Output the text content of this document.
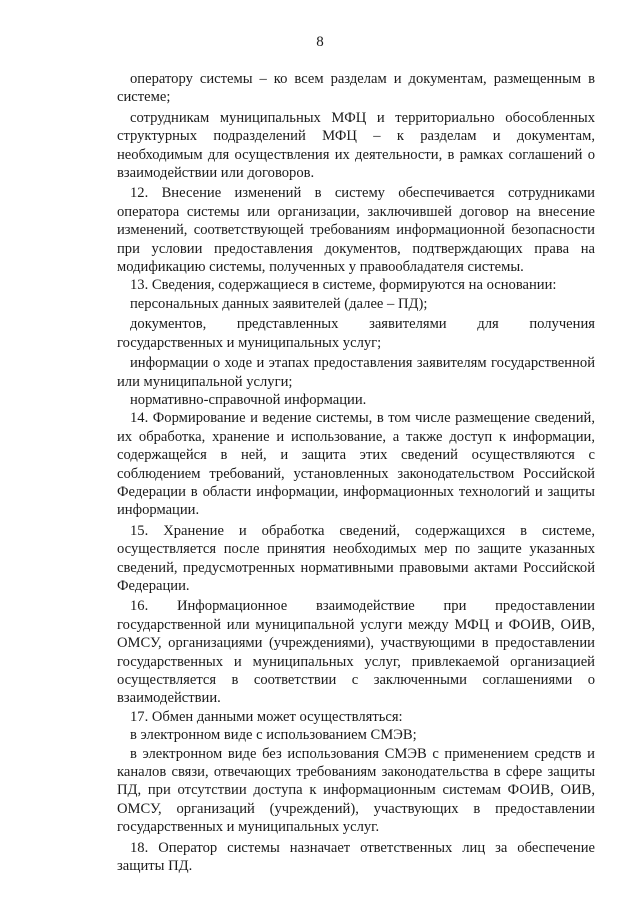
8

оператору системы – ко всем разделам и документам, размещенным в системе;

сотрудникам муниципальных МФЦ и территориально обособленных структурных подразделений МФЦ – к разделам и документам, необходимым для осуществления их деятельности, в рамках соглашений о взаимодействии или договоров.

12. Внесение изменений в систему обеспечивается сотрудниками оператора системы или организации, заключившей договор на внесение изменений, соответствующей требованиям информационной безопасности при условии предоставления документов, подтверждающих права на модификацию системы, полученных у правообладателя системы.

13. Сведения, содержащиеся в системе, формируются на основании:

персональных данных заявителей (далее – ПД);

документов, представленных заявителями для получения государственных и муниципальных услуг;

информации о ходе и этапах предоставления заявителям государственной или муниципальной услуги;

нормативно-справочной информации.

14. Формирование и ведение системы, в том числе размещение сведений, их обработка, хранение и использование, а также доступ к информации, содержащейся в ней, и защита этих сведений осуществляются с соблюдением требований, установленных законодательством Российской Федерации в области информации, информационных технологий и защиты информации.

15. Хранение и обработка сведений, содержащихся в системе, осуществляется после принятия необходимых мер по защите указанных сведений, предусмотренных нормативными правовыми актами Российской Федерации.

16. Информационное взаимодействие при предоставлении государственной или муниципальной услуги между МФЦ и ФОИВ, ОИВ, ОМСУ, организациями (учреждениями), участвующими в предоставлении государственных и муниципальных услуг, привлекаемой организацией осуществляется в соответствии с заключенными соглашениями о взаимодействии.

17. Обмен данными может осуществляться:

в электронном виде с использованием СМЭВ;

в электронном виде без использования СМЭВ с применением средств и каналов связи, отвечающих требованиям законодательства в сфере защиты ПД, при отсутствии доступа к информационным системам ФОИВ, ОИВ, ОМСУ, организаций (учреждений), участвующих в предоставлении государственных и муниципальных услуг.

18. Оператор системы назначает ответственных лиц за обеспечение защиты ПД.
